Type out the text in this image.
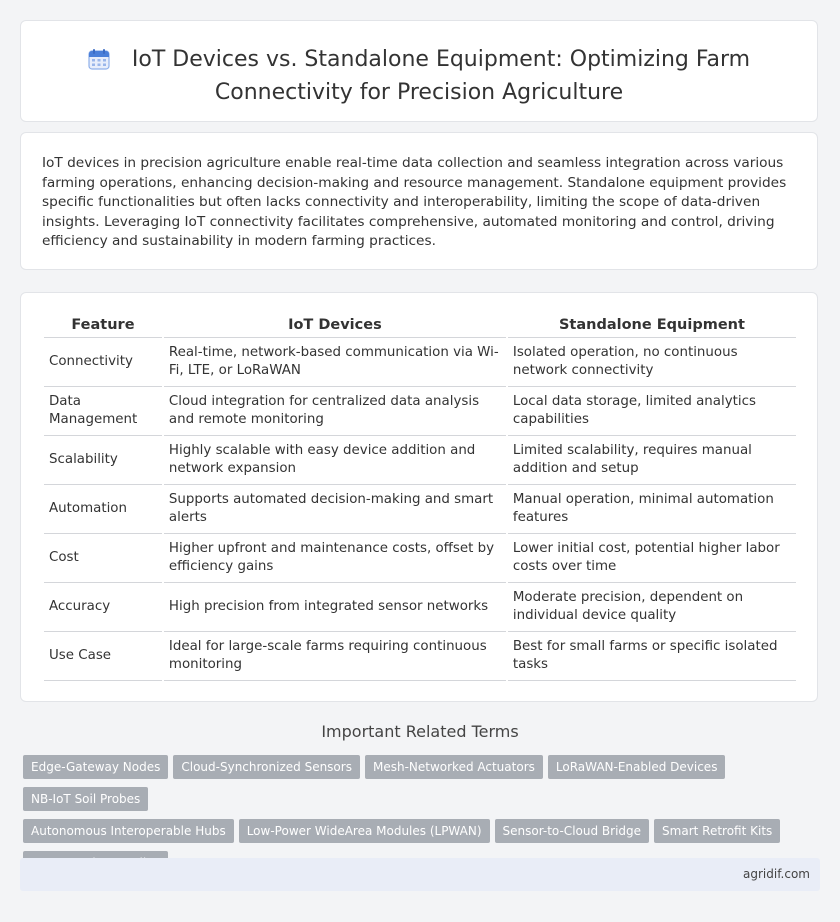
IoT Devices vs. Standalone Equipment: Optimizing Farm
Connectivity for Precision Agriculture
IoT devices in precision agriculture enable real-time data collection and seamless integration across various farming operations, enhancing decision-making and resource management. Standalone equipment provides specific functionalities but often lacks connectivity and interoperability, limiting the scope of data-driven insights. Leveraging IoT connectivity facilitates comprehensive, automated monitoring and control, driving efficiency and sustainability in modern farming practices.
Feature	IoT Devices	Standalone Equipment
Connectivity	Real-time, network-based communication via Wi-Fi, LTE, or LoRaWAN	Isolated operation, no continuous network connectivity
Data Management	Cloud integration for centralized data analysis and remote monitoring	Local data storage, limited analytics capabilities
Scalability	Highly scalable with easy device addition and network expansion	Limited scalability, requires manual addition and setup
Automation	Supports automated decision-making and smart alerts	Manual operation, minimal automation features
Cost	Higher upfront and maintenance costs, offset by efficiency gains	Lower initial cost, potential higher labor costs over time
Accuracy	High precision from integrated sensor networks	Moderate precision, dependent on individual device quality
Use Case	Ideal for large-scale farms requiring continuous monitoring	Best for small farms or specific isolated tasks
Important Related Terms
Edge-Gateway Nodes Cloud-Synchronized Sensors Mesh-Networked Actuators LoRaWAN-Enabled DevicesNB-IoT Soil Probes
Autonomous Interoperable Hubs Low-Power WideArea Modules (LPWAN) Sensor-to-Cloud Bridge Smart Retrofit Kits

agridif.com
